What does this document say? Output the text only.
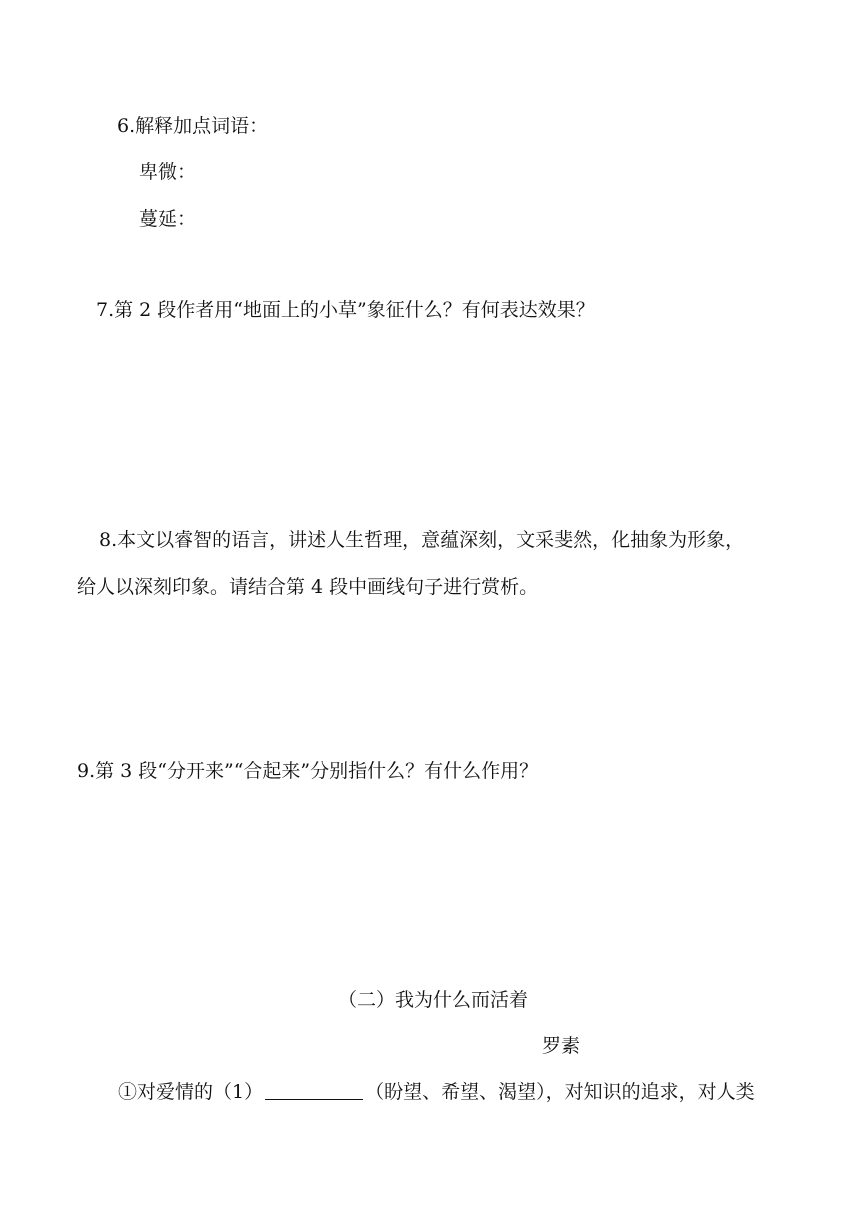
6.解释加点词语：
卑微：
蔓延：
7.第 2 段作者用“地面上的小草”象征什么？有何表达效果？
8.本文以睿智的语言，讲述人生哲理，意蕴深刻，文采斐然，化抽象为形象，
给人以深刻印象。请结合第 4 段中画线句子进行赏析。
9.第 3 段“分开来”“合起来”分别指什么？有什么作用？
（二）我为什么而活着
罗素
①对爱情的（1）	（盼望、希望、渴望），对知识的追求，对人类
